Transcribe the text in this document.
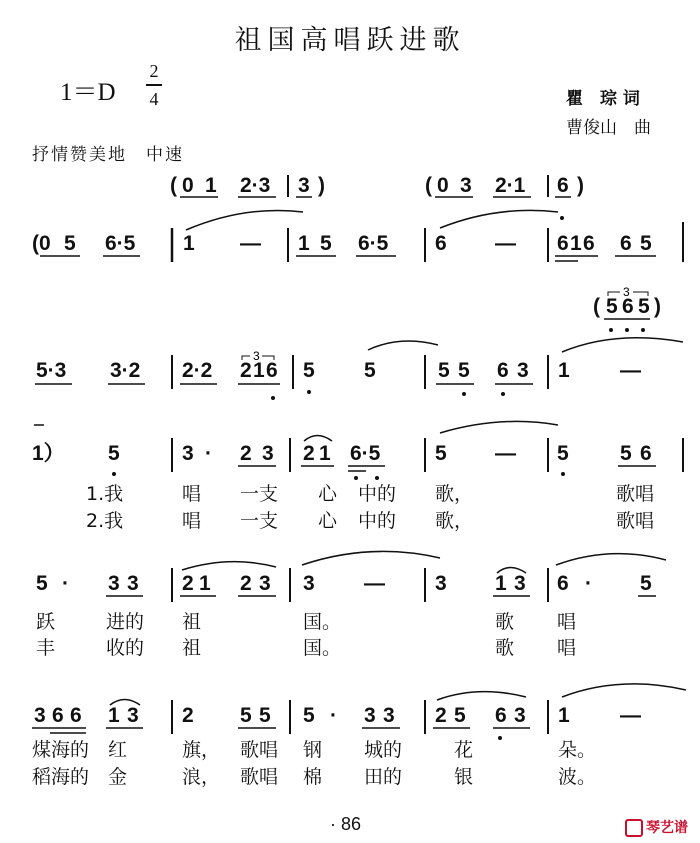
祖国高唱跃进歌
1＝D
2
4	瞿　琮 词
曹俊山　曲
抒情赞美地　中速
( 0 1 2·3 3 )	( 0 3 2·1 6 )
(0 5 6·5 1 — 1 5 6·5 6 — 6 1 6 6 5
( 5 6 5 )
3
5·3 3·2 2·2 2 1 6
3
5 5	5 5 6 3 1 —
1） 5	3 · 2 3 2 1 6·5	5 — 5 5 6
1.我	唱 一支 心 中的 歌，	歌唱
2.我	唱 一支 心 中的 歌，	歌唱
5 · 3 3 2 1 2 3 3 — 3 1 3 6 · 5
跃	进的 祖	国。	歌 唱
丰	收的 祖	国。	歌 唱
3 6 6 1 3 2 5 5 5 · 3 3 2 5 6 3 1 —
煤海的 红	旗， 歌唱 钢 城的	花	朵。
稻海的 金	浪， 歌唱 棉 田的	银	波。
· 86	琴艺谱
